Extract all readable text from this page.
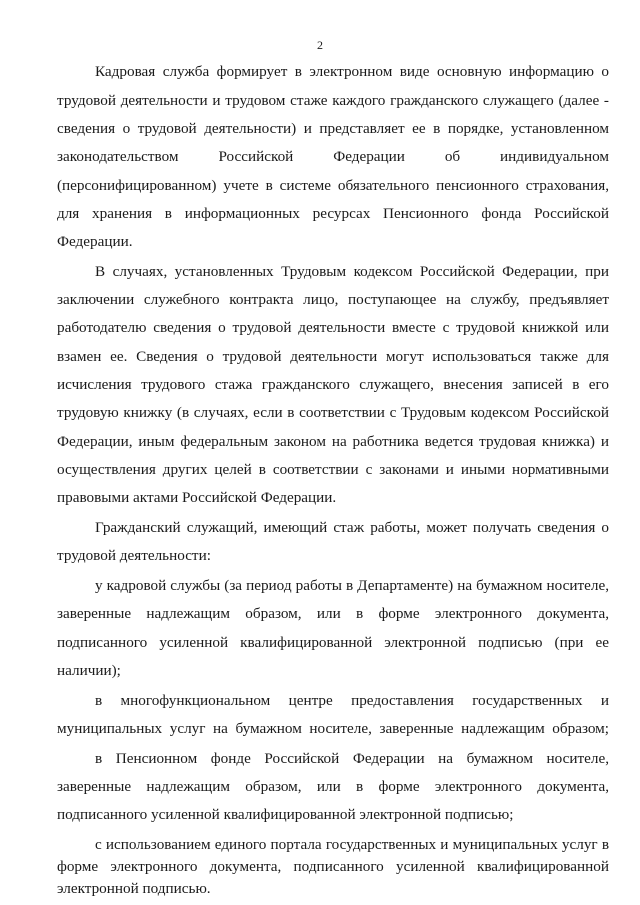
2
Кадровая служба формирует в электронном виде основную информацию о
трудовой деятельности и трудовом стаже каждого гражданского служащего (далее -
сведения о трудовой деятельности) и представляет ее в порядке, установленном
законодательством Российской Федерации об индивидуальном
(персонифицированном) учете в системе обязательного пенсионного страхования,
для хранения в информационных ресурсах Пенсионного фонда Российской
Федерации.
В случаях, установленных Трудовым кодексом Российской Федерации, при
заключении служебного контракта лицо, поступающее на службу, предъявляет
работодателю сведения о трудовой деятельности вместе с трудовой книжкой или
взамен ее. Сведения о трудовой деятельности могут использоваться также для
исчисления трудового стажа гражданского служащего, внесения записей в его
трудовую книжку (в случаях, если в соответствии с Трудовым кодексом Российской
Федерации, иным федеральным законом на работника ведется трудовая книжка) и
осуществления других целей в соответствии с законами и иными нормативными
правовыми актами Российской Федерации.
Гражданский служащий, имеющий стаж работы, может получать сведения о
трудовой деятельности:
у кадровой службы (за период работы в Департаменте) на бумажном носителе,
заверенные надлежащим образом, или в форме электронного документа,
подписанного усиленной квалифицированной электронной подписью (при ее
наличии);
в многофункциональном центре предоставления государственных и
муниципальных услуг на бумажном носителе, заверенные надлежащим образом;
в Пенсионном фонде Российской Федерации на бумажном носителе,
заверенные надлежащим образом, или в форме электронного документа,
подписанного усиленной квалифицированной электронной подписью;
с использованием единого портала государственных и муниципальных услуг в
форме электронного документа, подписанного усиленной квалифицированной
электронной подписью.
